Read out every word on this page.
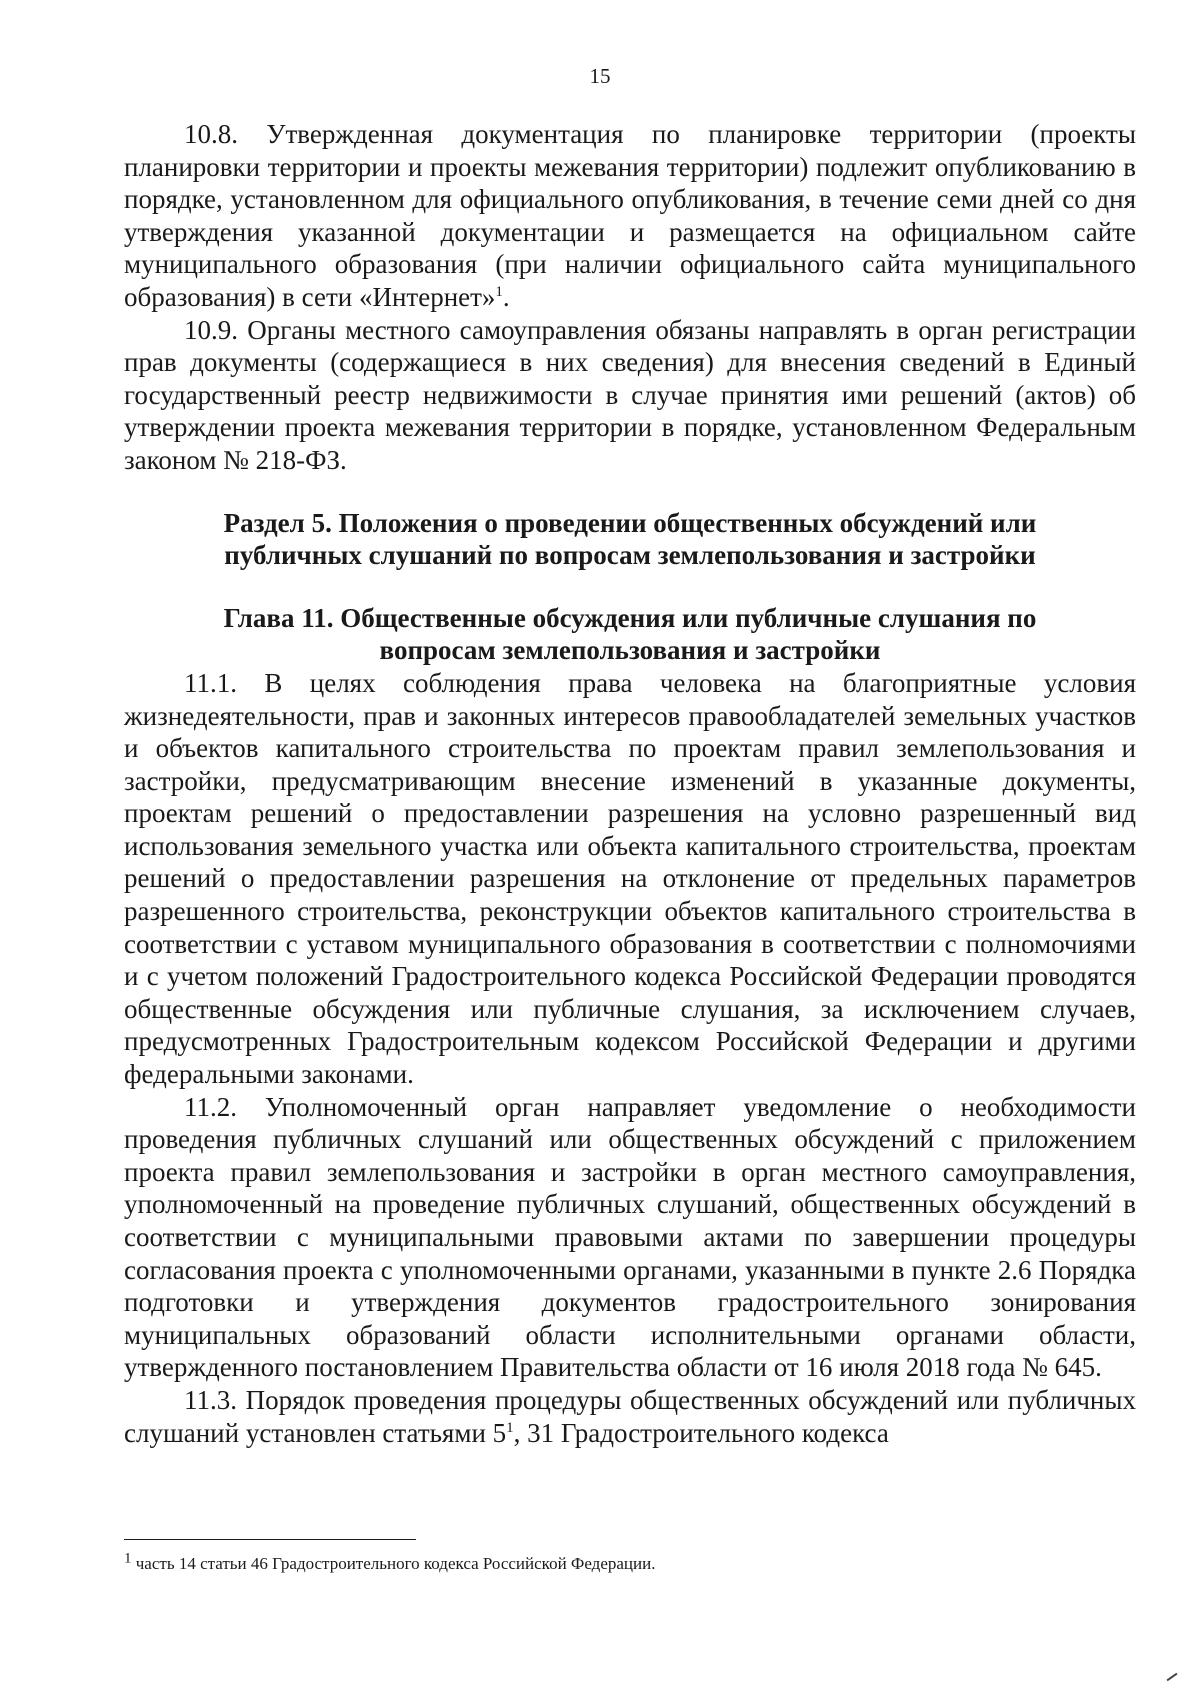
15

10.8. Утвержденная документация по планировке территории (проекты планировки территории и проекты межевания территории) подлежит опубликованию в порядке, установленном для официального опубликования, в течение семи дней со дня утверждения указанной документации и размещается на официальном сайте муниципального образования (при наличии официального сайта муниципального образования) в сети «Интернет»$^1$.

10.9. Органы местного самоуправления обязаны направлять в орган регистрации прав документы (содержащиеся в них сведения) для внесения сведений в Единый государственный реестр недвижимости в случае принятия ими решений (актов) об утверждении проекта межевания территории в порядке, установленном Федеральным законом № 218-ФЗ.

Раздел 5. Положения о проведении общественных обсуждений или
публичных слушаний по вопросам землепользования и застройки
Глава 11. Общественные обсуждения или публичные слушания по
вопросам землепользования и застройки

11.1. В целях соблюдения права человека на благоприятные условия жизнедеятельности, прав и законных интересов правообладателей земельных участков и объектов капитального строительства по проектам правил землепользования и застройки, предусматривающим внесение изменений в указанные документы, проектам решений о предоставлении разрешения на условно разрешенный вид использования земельного участка или объекта капитального строительства, проектам решений о предоставлении разрешения на отклонение от предельных параметров разрешенного строительства, реконструкции объектов капитального строительства в соответствии с уставом муниципального образования в соответствии с полномочиями и с учетом положений Градостроительного кодекса Российской Федерации проводятся общественные обсуждения или публичные слушания, за исключением случаев, предусмотренных Градостроительным кодексом Российской Федерации и другими федеральными законами.

11.2. Уполномоченный орган направляет уведомление о необходимости проведения публичных слушаний или общественных обсуждений с приложением проекта правил землепользования и застройки в орган местного самоуправления, уполномоченный на проведение публичных слушаний, общественных обсуждений в соответствии с муниципальными правовыми актами по завершении процедуры согласования проекта с уполномоченными органами, указанными в пункте 2.6 Порядка подготовки и утверждения документов градостроительного зонирования муниципальных образований области исполнительными органами области, утвержденного постановлением Правительства области от 16 июля 2018 года № 645.

11.3. Порядок проведения процедуры общественных обсуждений или публичных слушаний установлен статьями $5^1$, 31 Градостроительного кодекса

$^1$ часть 14 статьи 46 Градостроительного кодекса Российской Федерации.
